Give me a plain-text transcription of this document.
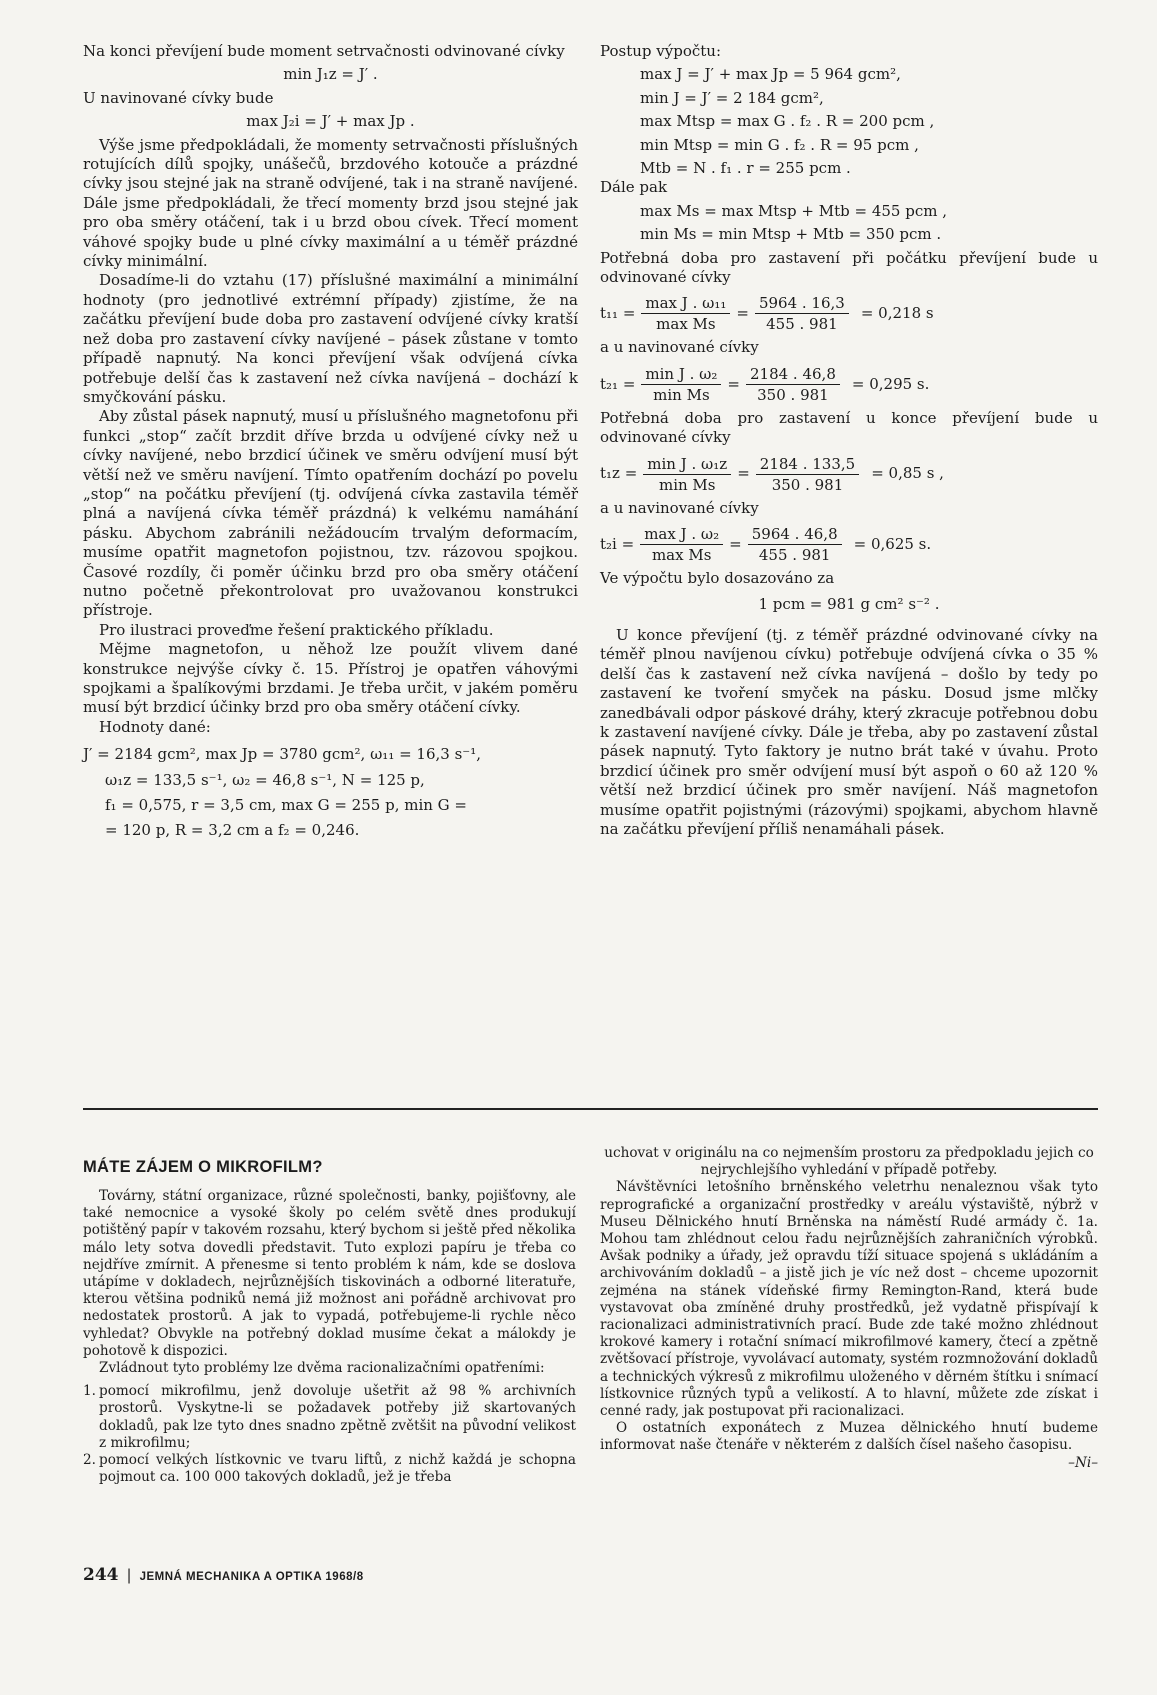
Na konci převíjení bude moment setrvačnosti odvinované cívky

min J₁z = J′ .

U navinované cívky bude

max J₂i = J′ + max Jp .

Výše jsme předpokládali, že momenty setrvačnosti příslušných rotujících dílů spojky, unášečů, brzdového kotouče a prázdné cívky jsou stejné jak na straně odvíjené, tak i na straně navíjené. Dále jsme předpokládali, že třecí momenty brzd jsou stejné jak pro oba směry otáčení, tak i u brzd obou cívek. Třecí moment váhové spojky bude u plné cívky maximální a u téměř prázdné cívky minimální.

Dosadíme-li do vztahu (17) příslušné maximální a minimální hodnoty (pro jednotlivé extrémní případy) zjistíme, že na začátku převíjení bude doba pro zastavení odvíjené cívky kratší než doba pro zastavení cívky navíjené – pásek zůstane v tomto případě napnutý. Na konci převíjení však odvíjená cívka potřebuje delší čas k zastavení než cívka navíjená – dochází k smyčkování pásku.

Aby zůstal pásek napnutý, musí u příslušného magnetofonu při funkci „stop“ začít brzdit dříve brzda u odvíjené cívky než u cívky navíjené, nebo brzdicí účinek ve směru odvíjení musí být větší než ve směru navíjení. Tímto opatřením dochází po povelu „stop“ na počátku převíjení (tj. odvíjená cívka zastavila téměř plná a navíjená cívka téměř prázdná) k velkému namáhání pásku. Abychom zabránili nežádoucím trvalým deformacím, musíme opatřit magnetofon pojistnou, tzv. rázovou spojkou. Časové rozdíly, či poměr účinku brzd pro oba směry otáčení nutno početně překontrolovat pro uvažovanou konstrukci přístroje.

Pro ilustraci proveďme řešení praktického příkladu.

Mějme magnetofon, u něhož lze použít vlivem dané konstrukce nejvýše cívky č. 15. Přístroj je opatřen váhovými spojkami a špalíkovými brzdami. Je třeba určit, v jakém poměru musí být brzdicí účinky brzd pro oba směry otáčení cívky.

Hodnoty dané:

J′ = 2184 gcm², max Jp = 3780 gcm², ω₁₁ = 16,3 s⁻¹,

ω₁z = 133,5 s⁻¹, ω₂ = 46,8 s⁻¹, N = 125 p,

f₁ = 0,575, r = 3,5 cm, max G = 255 p, min G =

= 120 p, R = 3,2 cm a f₂ = 0,246.

Postup výpočtu:

max J = J′ + max Jp = 5 964 gcm²,

min J = J′ = 2 184 gcm²,

max Mtsp = max G . f₂ . R = 200 pcm ,

min Mtsp = min G . f₂ . R = 95 pcm ,

Mtb = N . f₁ . r = 255 pcm .

Dále pak

max Ms = max Mtsp + Mtb = 455 pcm ,

min Ms = min Mtsp + Mtb = 350 pcm .

Potřebná doba pro zastavení při počátku převíjení bude u odvinované cívky

$t_{11} = \frac{\text{max J . ω₁₁}}{\text{max Ms}} = \frac{5964 . 16,3}{455 . 981} = 0,218$ s

a u navinované cívky

$t_{21} = \frac{\text{min J . ω₂}}{\text{min Ms}} = \frac{2184 . 46,8}{350 . 981} = 0,295$ s.

Potřebná doba pro zastavení u konce převíjení bude u odvinované cívky

$t_1z = \frac{\text{min J . ω₁z}}{\text{min Ms}} = \frac{2184 . 133,5}{350 . 981} = 0,85$ s ,

a u navinované cívky

$t_2i = \frac{\text{max J . ω₂}}{\text{max Ms}} = \frac{5964 . 46,8}{455 . 981} = 0,625$ s.

Ve výpočtu bylo dosazováno za

1 pcm = 981 g cm² s⁻² .

U konce převíjení (tj. z téměř prázdné odvinované cívky na téměř plnou navíjenou cívku) potřebuje odvíjená cívka o 35 % delší čas k zastavení než cívka navíjená – došlo by tedy po zastavení ke tvoření smyček na pásku. Dosud jsme mlčky zanedbávali odpor páskové dráhy, který zkracuje potřebnou dobu k zastavení navíjené cívky. Dále je třeba, aby po zastavení zůstal pásek napnutý. Tyto faktory je nutno brát také v úvahu. Proto brzdicí účinek pro směr odvíjení musí být aspoň o 60 až 120 % větší než brzdicí účinek pro směr navíjení. Náš magnetofon musíme opatřit pojistnými (rázovými) spojkami, abychom hlavně na začátku převíjení příliš nenamáhali pásek.

MÁTE ZÁJEM O MIKROFILM?

Továrny, státní organizace, různé společnosti, banky, pojišťovny, ale také nemocnice a vysoké školy po celém světě dnes produkují potištěný papír v takovém rozsahu, který bychom si ještě před několika málo lety sotva dovedli představit. Tuto explozi papíru je třeba co nejdříve zmírnit. A přenesme si tento problém k nám, kde se doslova utápíme v dokladech, nejrůznějších tiskovinách a odborné literatuře, kterou většina podniků nemá již možnost ani pořádně archivovat pro nedostatek prostorů. A jak to vypadá, potřebujeme-li rychle něco vyhledat? Obvykle na potřebný doklad musíme čekat a málokdy je pohotově k dispozici.

Zvládnout tyto problémy lze dvěma racionalizačními opatřeními:

1. pomocí mikrofilmu, jenž dovoluje ušetřit až 98 % archivních prostorů. Vyskytne-li se požadavek potřeby již skartovaných dokladů, pak lze tyto dnes snadno zpětně zvětšit na původní velikost z mikrofilmu;
2. pomocí velkých lístkovnic ve tvaru liftů, z nichž každá je schopna pojmout ca. 100 000 takových dokladů, jež je třeba

uchovat v originálu na co nejmenším prostoru za předpokladu jejich co nejrychlejšího vyhledání v případě potřeby.

Návštěvníci letošního brněnského veletrhu nenaleznou však tyto reprografické a organizační prostředky v areálu výstaviště, nýbrž v Museu Dělnického hnutí Brněnska na náměstí Rudé armády č. 1a. Mohou tam zhlédnout celou řadu nejrůznějších zahraničních výrobků. Avšak podniky a úřady, jež opravdu tíží situace spojená s ukládáním a archivováním dokladů – a jistě jich je víc než dost – chceme upozornit zejména na stánek vídeňské firmy Remington-Rand, která bude vystavovat oba zmíněné druhy prostředků, jež vydatně přispívají k racionalizaci administrativních prací. Bude zde také možno zhlédnout krokové kamery i rotační snímací mikrofilmové kamery, čtecí a zpětně zvětšovací přístroje, vyvolávací automaty, systém rozmnožování dokladů a technických výkresů z mikrofilmu uloženého v děrném štítku i snímací lístkovnice různých typů a velikostí. A to hlavní, můžete zde získat i cenné rady, jak postupovat při racionalizaci.

O ostatních exponátech z Muzea dělnického hnutí budeme informovat naše čtenáře v některém z dalších čísel našeho časopisu.

–Ni–

244 | JEMNÁ MECHANIKA A OPTIKA 1968/8
